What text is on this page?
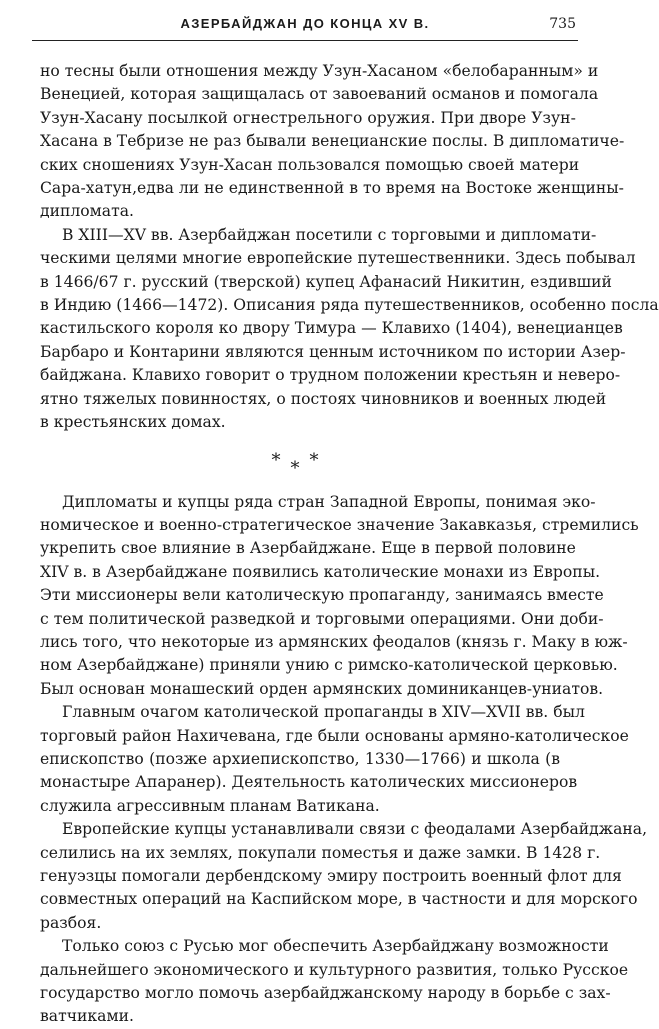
АЗЕРБАЙДЖАН ДО КОНЦА XV В.	735

но тесны были отношения между Узун-Хасаном «белобаранным» и
Венецией, которая защищалась от завоеваний османов и помогала
Узун-Хасану посылкой огнестрельного оружия. При дворе Узун-
Хасана в Тебризе не раз бывали венецианские послы. В дипломатиче-
ских сношениях Узун-Хасан пользовался помощью своей матери
Сара-хатун,едва ли не единственной в то время на Востоке женщины-
дипломата.

В XIII—XV вв. Азербайджан посетили с торговыми и дипломати-
ческими целями многие европейские путешественники. Здесь побывал
в 1466/67 г. русский (тверской) купец Афанасий Никитин, ездивший
в Индию (1466—1472). Описания ряда путешественников, особенно посла
кастильского короля ко двору Тимура — Клавихо (1404), венецианцев
Барбаро и Контарини являются ценным источником по истории Азер-
байджана. Клавихо говорит о трудном положении крестьян и неверо-
ятно тяжелых повинностях, о постоях чиновников и военных людей
в крестьянских домах.

***

Дипломаты и купцы ряда стран Западной Европы, понимая эко-
номическое и военно-стратегическое значение Закавказья, стремились
укрепить свое влияние в Азербайджане. Еще в первой половине
XIV в. в Азербайджане появились католические монахи из Европы.
Эти миссионеры вели католическую пропаганду, занимаясь вместе
с тем политической разведкой и торговыми операциями. Они доби-
лись того, что некоторые из армянских феодалов (князь г. Маку в юж-
ном Азербайджане) приняли унию с римско-католической церковью.
Был основан монашеский орден армянских доминиканцев-униатов.

Главным очагом католической пропаганды в XIV—XVII вв. был
торговый район Нахичевана, где были основаны армяно-католическое
епископство (позже архиепископство, 1330—1766) и школа (в
монастыре Апаранер). Деятельность католических миссионеров
служила агрессивным планам Ватикана.

Европейские купцы устанавливали связи с феодалами Азербайджана,
селились на их землях, покупали поместья и даже замки. В 1428 г.
генуэзцы помогали дербендскому эмиру построить военный флот для
совместных операций на Каспийском море, в частности и для морского
разбоя.

Только союз с Русью мог обеспечить Азербайджану возможности
дальнейшего экономического и культурного развития, только Русское
государство могло помочь азербайджанскому народу в борьбе с зах-
ватчиками.
